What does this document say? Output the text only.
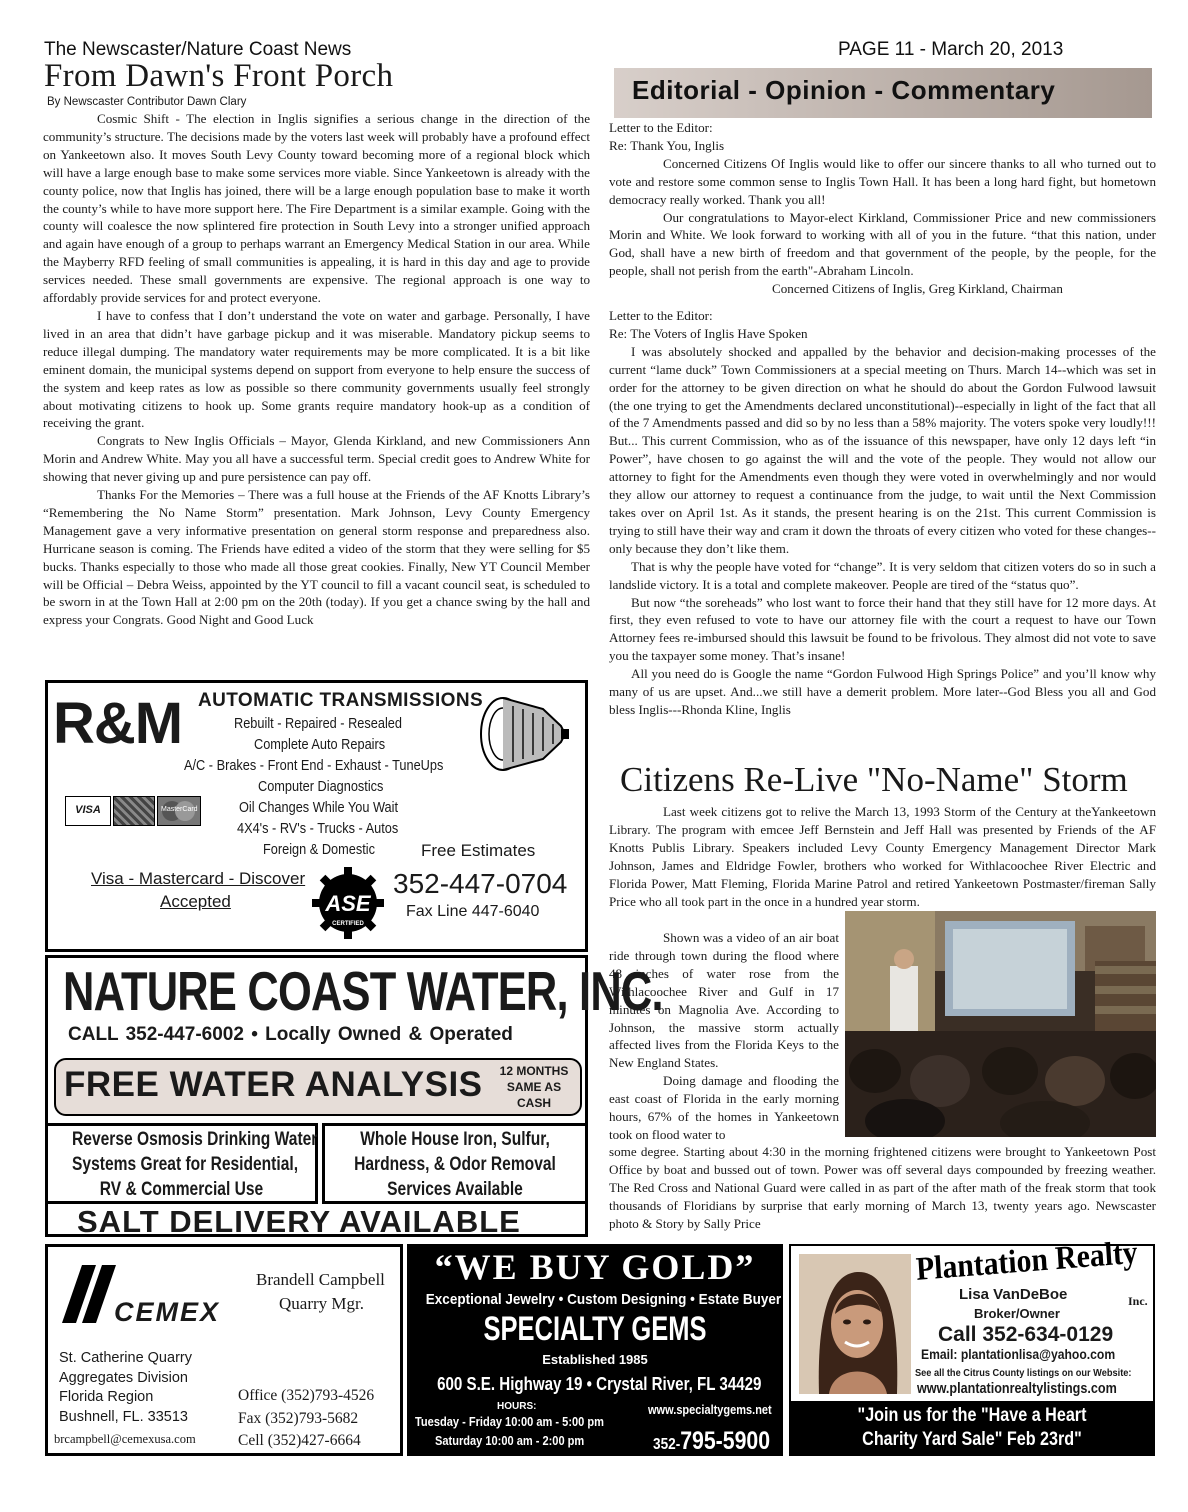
The Newscaster/Nature Coast News	PAGE 11 - March 20, 2013
From Dawn's Front Porch
By Newscaster Contributor Dawn Clary	Editorial - Opinion - Commentary

Cosmic Shift - The election in Inglis signifies a serious change in the direction of the community’s structure. The decisions made by the voters last week will probably have a profound effect on Yankeetown also. It moves South Levy County toward becoming more of a regional block which will have a large enough base to make some services more viable. Since Yankeetown is already with the county police, now that Inglis has joined, there will be a large enough population base to make it worth the county’s while to have more support here. The Fire Department is a similar example. Going with the county will coalesce the now splintered fire protection in South Levy into a stronger unified approach and again have enough of a group to perhaps warrant an Emergency Medical Station in our area. While the Mayberry RFD feeling of small communities is appealing, it is hard in this day and age to provide services needed. These small governments are expensive. The regional approach is one way to affordably provide services for and protect everyone.

I have to confess that I don’t understand the vote on water and garbage. Personally, I have lived in an area that didn’t have garbage pickup and it was miserable. Mandatory pickup seems to reduce illegal dumping. The mandatory water requirements may be more complicated. It is a bit like eminent domain, the municipal systems depend on support from everyone to help ensure the success of the system and keep rates as low as possible so there community governments usually feel strongly about motivating citizens to hook up. Some grants require mandatory hook-up as a condition of receiving the grant.

Congrats to New Inglis Officials – Mayor, Glenda Kirkland, and new Commissioners Ann Morin and Andrew White. May you all have a successful term. Special credit goes to Andrew White for showing that never giving up and pure persistence can pay off.

Thanks For the Memories – There was a full house at the Friends of the AF Knotts Library’s “Remembering the No Name Storm” presentation. Mark Johnson, Levy County Emergency Management gave a very informative presentation on general storm response and preparedness also. Hurricane season is coming. The Friends have edited a video of the storm that they were selling for $5 bucks. Thanks especially to those who made all those great cookies. Finally, New YT Council Member will be Official – Debra Weiss, appointed by the YT council to fill a vacant council seat, is scheduled to be sworn in at the Town Hall at 2:00 pm on the 20th (today). If you get a chance swing by the hall and express your Congrats. Good Night and Good Luck

Letter to the Editor:

Re: Thank You, Inglis

Concerned Citizens Of Inglis would like to offer our sincere thanks to all who turned out to vote and restore some common sense to Inglis Town Hall. It has been a long hard fight, but hometown democracy really worked. Thank you all!

Our congratulations to Mayor-elect Kirkland, Commissioner Price and new commissioners Morin and White. We look forward to working with all of you in the future. “that this nation, under God, shall have a new birth of freedom and that government of the people, by the people, for the people, shall not perish from the earth"-Abraham Lincoln.

Concerned Citizens of Inglis, Greg Kirkland, Chairman

Letter to the Editor:

Re: The Voters of Inglis Have Spoken

I was absolutely shocked and appalled by the behavior and decision-making processes of the current “lame duck” Town Commissioners at a special meeting on Thurs. March 14--which was set in order for the attorney to be given direction on what he should do about the Gordon Fulwood lawsuit (the one trying to get the Amendments declared unconstitutional)--especially in light of the fact that all of the 7 Amendments passed and did so by no less than a 58% majority. The voters spoke very loudly!!! But... This current Commission, who as of the issuance of this newspaper, have only 12 days left “in Power”, have chosen to go against the will and the vote of the people. They would not allow our attorney to fight for the Amendments even though they were voted in overwhelmingly and nor would they allow our attorney to request a continuance from the judge, to wait until the Next Commission takes over on April 1st. As it stands, the present hearing is on the 21st. This current Commission is trying to still have their way and cram it down the throats of every citizen who voted for these changes--only because they don’t like them.

That is why the people have voted for “change”. It is very seldom that citizen voters do so in such a landslide victory. It is a total and complete makeover. People are tired of the “status quo”.

But now “the soreheads” who lost want to force their hand that they still have for 12 more days. At first, they even refused to vote to have our attorney file with the court a request to have our Town Attorney fees re-imbursed should this lawsuit be found to be frivolous. They almost did not vote to save you the taxpayer some money. That’s insane!

All you need do is Google the name “Gordon Fulwood High Springs Police” and you’ll know why many of us are upset. And...we still have a demerit problem. More later--God Bless you all and God bless Inglis---Rhonda Kline, Inglis

Citizens Re-Live "No-Name" Storm

Last week citizens got to relive the March 13, 1993 Storm of the Century at theYankeetown Library. The program with emcee Jeff Bernstein and Jeff Hall was presented by Friends of the AF Knotts Publis Library. Speakers included Levy County Emergency Management Director Mark Johnson, James and Eldridge Fowler, brothers who worked for Withlacoochee River Electric and Florida Power, Matt Fleming, Florida Marine Patrol and retired Yankeetown Postmaster/fireman Sally Price who all took part in the once in a hundred year storm.

Shown was a video of an air boat ride through town during the flood where 48 inches of water rose from the Withlacoochee River and Gulf in 17 minutes on Magnolia Ave. According to Johnson, the massive storm actually affected lives from the Florida Keys to the New England States.

Doing damage and flooding the east coast of Florida in the early morning hours, 67% of the homes in Yankeetown took on flood water to

some degree. Starting about 4:30 in the morning frightened citizens were brought to Yankeetown Post Office by boat and bussed out of town. Power was off several days compounded by freezing weather. The Red Cross and National Guard were called in as part of the after math of the freak storm that took thousands of Floridians by surprise that early morning of March 13, twenty years ago. Newscaster photo & Story by Sally Price

R&M AUTOMATIC TRANSMISSIONS
Rebuilt - Repaired - Resealed
Complete Auto Repairs
A/C - Brakes - Front End - Exhaust - TuneUps
Computer Diagnostics
Oil Changes While You Wait
4X4's - RV's - Trucks - Autos
Foreign & Domestic	Free Estimates
VISA	MasterCard
Visa - Mastercard - Discover
Accepted	ASE
CERTIFIED
352-447-0704
Fax Line 447-6040
NATURE COAST WATER, INC.
CALL 352-447-6002 • Locally Owned & Operated
FREE WATER ANALYSIS	12 MONTHS
SAME AS
CASH
Reverse Osmosis Drinking Water
Systems Great for Residential,
RV & Commercial Use
Whole House Iron, Sulfur,
Hardness, & Odor Removal
Services Available
SALT DELIVERY AVAILABLE
CEMEX
Brandell Campbell
Quarry Mgr.
St. Catherine Quarry
Aggregates Division
Florida Region
Bushnell, FL. 33513
Office (352)793-4526
Fax (352)793-5682
Cell (352)427-6664
brcampbell@cemexusa.com
“WE BUY GOLD”
Exceptional Jewelry • Custom Designing • Estate Buyer
SPECIALTY GEMS
Established 1985
600 S.E. Highway 19 • Crystal River, FL 34429
HOURS:
Tuesday - Friday 10:00 am - 5:00 pm
Saturday 10:00 am - 2:00 pm
www.specialtygems.net
352-795-5900
Plantation Realty
Inc.
Lisa VanDeBoe
Broker/Owner
Call 352-634-0129
Email: plantationlisa@yahoo.com
See all the Citrus County listings on our Website:
www.plantationrealtylistings.com
"Join us for the "Have a Heart
Charity Yard Sale" Feb 23rd"
